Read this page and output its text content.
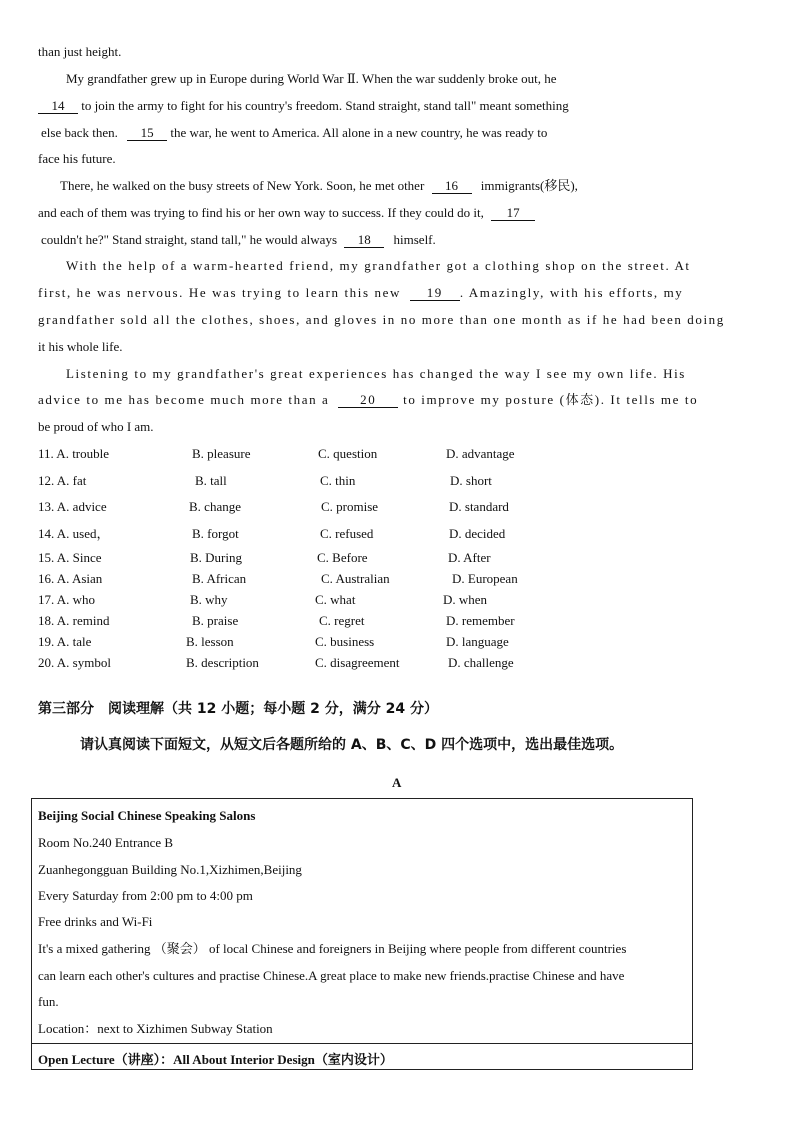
than just height.
My grandfather grew up in Europe during World War Ⅱ. When the war suddenly broke out, he
14 to join the army to fight for his country's freedom. Stand straight, stand tall" meant something
else back then. 15 the war, he went to America. All alone in a new country, he was ready to
face his future.
There, he walked on the busy streets of New York. Soon, he met other 16 immigrants(移民),
and each of them was trying to find his or her own way to success. If they could do it, 17
couldn't he?" Stand straight, stand tall," he would always 18 himself.
With the help of a warm-hearted friend, my grandfather got a clothing shop on the street. At
first, he was nervous. He was trying to learn this new 19 . Amazingly, with his efforts, my
grandfather sold all the clothes, shoes, and gloves in no more than one month as if he had been doing
it his whole life.
Listening to my grandfather's great experiences has changed the way I see my own life. His
advice to me has become much more than a 20 to improve my posture (体态). It tells me to
be proud of who I am.
11. A. trouble	B. pleasure	C. question	D. advantage
12. A. fat	B. tall	C. thin	D. short
13. A. advice	B. change	C. promise	D. standard
14. A. used，	B. forgot	C. refused	D. decided
15. A. Since	B. During	C. Before	D. After
16. A. Asian	B. African	C. Australian	D. European
17. A. who	B. why	C. what	D. when
18. A. remind	B. praise	C. regret	D. remember
19. A. tale	B. lesson	C. business	D. language
20. A. symbol	B. description	C. disagreement	D. challenge
第三部分　阅读理解（共 12 小题；每小题 2 分，满分 24 分）
请认真阅读下面短文，从短文后各题所给的 A、B、C、D 四个选项中，选出最佳选项。
A
Beijing Social Chinese Speaking Salons
Room No.240 Entrance B
Zuanhegongguan Building No.1,Xizhimen,Beijing
Every Saturday from 2:00 pm to 4:00 pm
Free drinks and Wi-Fi
It's a mixed gathering （聚会） of local Chinese and foreigners in Beijing where people from different countries
can learn each other's cultures and practise Chinese.A great place to make new friends.practise Chinese and have
fun.
Location：next to Xizhimen Subway Station
Open Lecture（讲座）：All About Interior Design（室内设计）
